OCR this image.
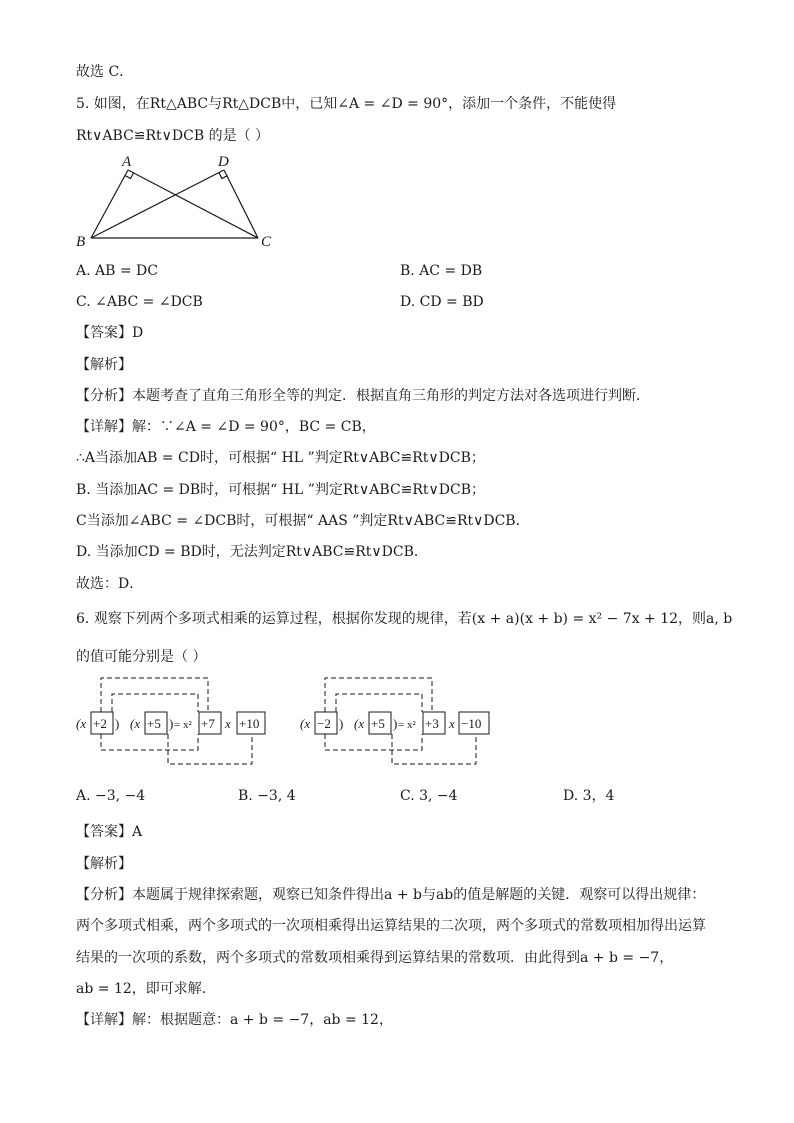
故选 C．
5. 如图，在Rt△ABC与Rt△DCB中，已知∠A = ∠D = 90°，添加一个条件，不能使得
Rt∨ABC≌Rt∨DCB 的是（ ）
A	D
B	C
A. AB = DC	B. AC = DB
C. ∠ABC = ∠DCB	D. CD = BD
【答案】D
【解析】
【分析】本题考查了直角三角形全等的判定．根据直角三角形的判定方法对各选项进行判断．
【详解】解：∵∠A = ∠D = 90°，BC = CB，
∴A当添加AB = CD时，可根据“ HL ”判定Rt∨ABC≌Rt∨DCB；
B. 当添加AC = DB时，可根据“ HL ”判定Rt∨ABC≌Rt∨DCB；
C当添加∠ABC = ∠DCB时，可根据“ AAS ”判定Rt∨ABC≌Rt∨DCB．
D. 当添加CD = BD时，无法判定Rt∨ABC≌Rt∨DCB．
故选：D．
6. 观察下列两个多项式相乘的运算过程，根据你发现的规律，若(x + a)(x + b) = x² − 7x + 12，则a, b
的值可能分别是（ ）
(x +2 ) (x +5 ) = x² +7 x +10	(x −2 ) (x +5 ) = x² +3 x −10
A. −3, −4	B. −3, 4	C. 3, −4	D. 3，4
【答案】A
【解析】
【分析】本题属于规律探索题，观察已知条件得出a + b与ab的值是解题的关键．观察可以得出规律：
两个多项式相乘，两个多项式的一次项相乘得出运算结果的二次项，两个多项式的常数项相加得出运算
结果的一次项的系数，两个多项式的常数项相乘得到运算结果的常数项．由此得到a + b = −7，
ab = 12，即可求解．
【详解】解：根据题意：a + b = −7，ab = 12，
